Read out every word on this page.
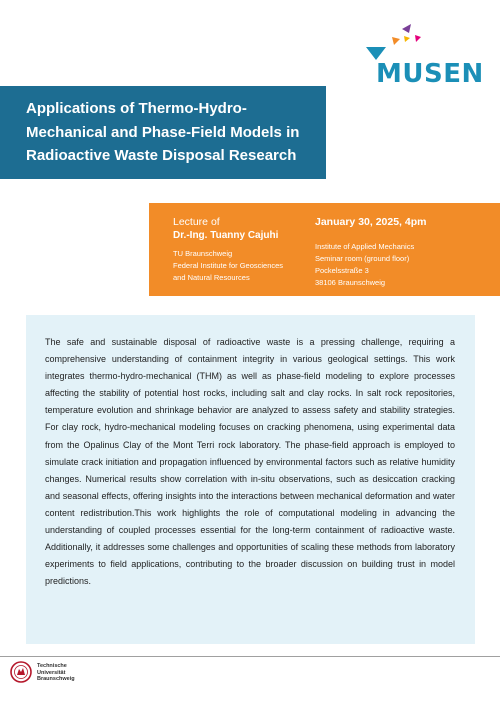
MUSEN
Applications of Thermo-Hydro-
Mechanical and Phase-Field Models in
Radioactive Waste Disposal Research
Lecture of
Dr.-Ing. Tuanny Cajuhi
TU Braunschweig
Federal Institute for Geosciences
and Natural Resources
January 30, 2025, 4pm
Institute of Applied Mechanics
Seminar room (ground floor)
Pockelsstraße 3
38106 Braunschweig

The safe and sustainable disposal of radioactive waste is a pressing challenge, requiring a comprehensive understanding of containment integrity in various geological settings. This work integrates thermo-hydro-mechanical (THM) as well as phase-field modeling to explore processes affecting the stability of potential host rocks, including salt and clay rocks. In salt rock repositories, temperature evolution and shrinkage behavior are analyzed to assess safety and stability strategies. For clay rock, hydro-mechanical modeling focuses on cracking phenomena, using experimental data from the Opalinus Clay of the Mont Terri rock laboratory. The phase-field approach is employed to simulate crack initiation and propagation influenced by environmental factors such as relative humidity changes. Numerical results show correlation with in-situ observations, such as desiccation cracking and seasonal effects, offering insights into the interactions between mechanical deformation and water content redistribution.This work highlights the role of computational modeling in advancing the understanding of coupled processes essential for the long-term containment of radioactive waste. Additionally, it addresses some challenges and opportunities of scaling these methods from laboratory experiments to field applications, contributing to the broader discussion on building trust in model predictions.

Technische
Universität
Braunschweig
